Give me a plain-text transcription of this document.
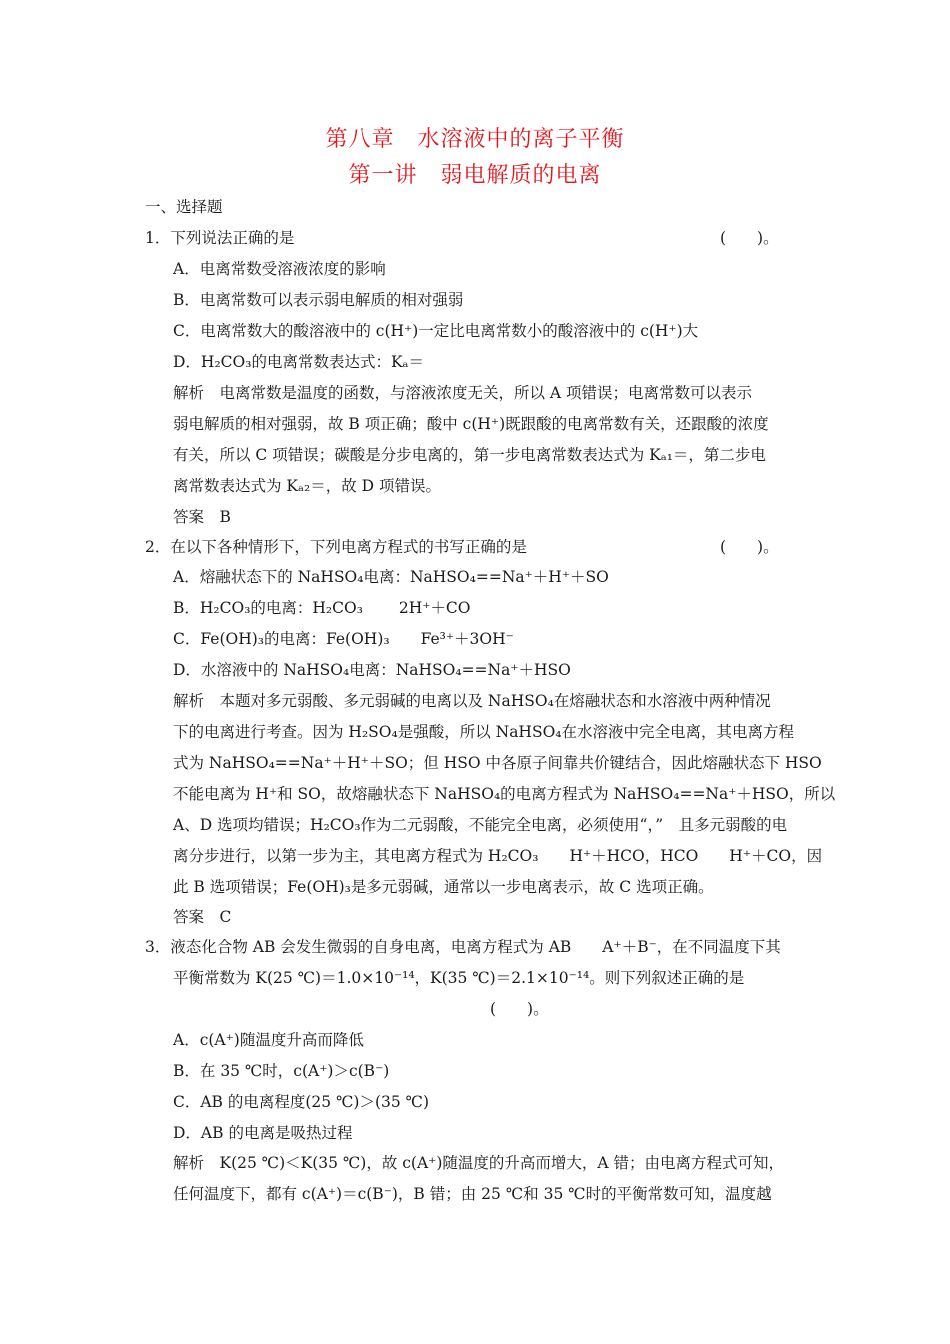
第八章　水溶液中的离子平衡
第一讲　弱电解质的电离
一、选择题
1．下列说法正确的是	(　　)。
A．电离常数受溶液浓度的影响
B．电离常数可以表示弱电解质的相对强弱
C．电离常数大的酸溶液中的 c(H⁺)一定比电离常数小的酸溶液中的 c(H⁺)大
D．H₂CO₃的电离常数表达式：Kₐ＝
解析　电离常数是温度的函数，与溶液浓度无关，所以 A 项错误；电离常数可以表示
弱电解质的相对强弱，故 B 项正确；酸中 c(H⁺)既跟酸的电离常数有关，还跟酸的浓度
有关，所以 C 项错误；碳酸是分步电离的，第一步电离常数表达式为 Kₐ₁＝，第二步电
离常数表达式为 Kₐ₂＝，故 D 项错误。
答案　B
2．在以下各种情形下，下列电离方程式的书写正确的是	(　　)。
A．熔融状态下的 NaHSO₄电离：NaHSO₄==Na⁺＋H⁺＋SO
B．H₂CO₃的电离：H₂CO₃　　 2H⁺＋CO
C．Fe(OH)₃的电离：Fe(OH)₃　　Fe³⁺＋3OH⁻
D．水溶液中的 NaHSO₄电离：NaHSO₄==Na⁺＋HSO
解析　本题对多元弱酸、多元弱碱的电离以及 NaHSO₄在熔融状态和水溶液中两种情况
下的电离进行考查。因为 H₂SO₄是强酸，所以 NaHSO₄在水溶液中完全电离，其电离方程
式为 NaHSO₄==Na⁺＋H⁺＋SO；但 HSO 中各原子间靠共价键结合，因此熔融状态下 HSO
不能电离为 H⁺和 SO，故熔融状态下 NaHSO₄的电离方程式为 NaHSO₄==Na⁺＋HSO，所以
A、D 选项均错误；H₂CO₃作为二元弱酸，不能完全电离，必须使用“，”　且多元弱酸的电
离分步进行，以第一步为主，其电离方程式为 H₂CO₃　　H⁺＋HCO，HCO　　H⁺＋CO，因
此 B 选项错误；Fe(OH)₃是多元弱碱，通常以一步电离表示，故 C 选项正确。
答案　C
3．液态化合物 AB 会发生微弱的自身电离，电离方程式为 AB　　A⁺＋B⁻，在不同温度下其
平衡常数为 K(25 ℃)＝1.0×10⁻¹⁴，K(35 ℃)＝2.1×10⁻¹⁴。则下列叙述正确的是
(　　)。
A．c(A⁺)随温度升高而降低
B．在 35 ℃时，c(A⁺)＞c(B⁻)
C．AB 的电离程度(25 ℃)＞(35 ℃)
D．AB 的电离是吸热过程
解析　K(25 ℃)＜K(35 ℃)，故 c(A⁺)随温度的升高而增大，A 错；由电离方程式可知，
任何温度下，都有 c(A⁺)＝c(B⁻)，B 错；由 25 ℃和 35 ℃时的平衡常数可知，温度越
